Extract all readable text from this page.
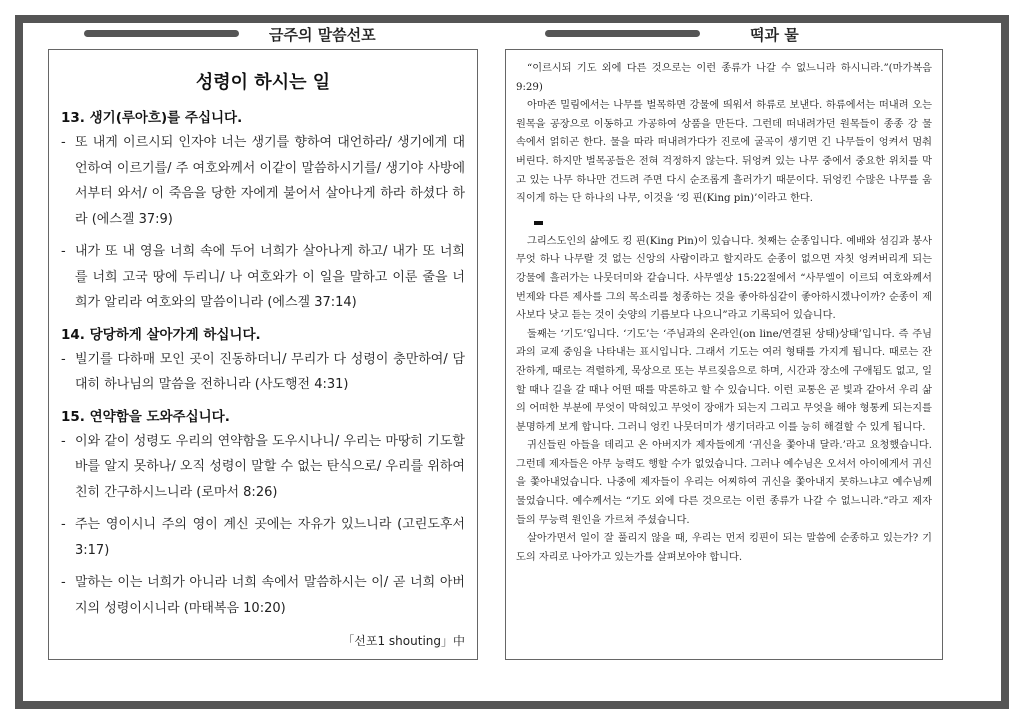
금주의 말씀선포	떡과 물
성령이 하시는 일
13. 생기(루아흐)를 주십니다.

- 또 내게 이르시되 인자야 너는 생기를 향하여 대언하라/ 생기에게 대언하여 이르기를/ 주 여호와께서 이같이 말씀하시기를/ 생기야 사방에서부터 와서/ 이 죽음을 당한 자에게 불어서 살아나게 하라 하셨다 하라 (에스겔 37:9)

- 내가 또 내 영을 너희 속에 두어 너희가 살아나게 하고/ 내가 또 너희를 너희 고국 땅에 두리니/ 나 여호와가 이 일을 말하고 이룬 줄을 너희가 알리라 여호와의 말씀이니라 (에스겔 37:14)

14. 당당하게 살아가게 하십니다.

- 빌기를 다하매 모인 곳이 진동하더니/ 무리가 다 성령이 충만하여/ 담대히 하나님의 말씀을 전하니라 (사도행전 4:31)

15. 연약함을 도와주십니다.

- 이와 같이 성령도 우리의 연약함을 도우시나니/ 우리는 마땅히 기도할 바를 알지 못하나/ 오직 성령이 말할 수 없는 탄식으로/ 우리를 위하여 친히 간구하시느니라 (로마서 8:26)

- 주는 영이시니 주의 영이 계신 곳에는 자유가 있느니라 (고린도후서 3:17)

- 말하는 이는 너희가 아니라 너희 속에서 말씀하시는 이/ 곧 너희 아버지의 성령이시니라 (마태복음 10:20)

「선포1 shouting」中

“이르시되 기도 외에 다른 것으로는 이런 종류가 나갈 수 없느니라 하시니라.”(마가복음9:29)

아마존 밀림에서는 나무를 벌목하면 강물에 띄워서 하류로 보낸다. 하류에서는 떠내려 오는 원목을 공장으로 이동하고 가공하여 상품을 만든다. 그런데 떠내려가던 원목들이 종종 강 물 속에서 얽히곤 한다. 물을 따라 떠내려가다가 진로에 굴곡이 생기면 긴 나무들이 엉켜서 멈춰버린다. 하지만 벌목공들은 전혀 걱정하지 않는다. 뒤엉켜 있는 나무 중에서 중요한 위치를 막고 있는 나무 하나만 건드려 주면 다시 순조롭게 흘러가기 때문이다. 뒤엉킨 수많은 나무를 움직이게 하는 단 하나의 나무, 이것을 ‘킹 핀(King pin)’이라고 한다.

그리스도인의 삶에도 킹 핀(King Pin)이 있습니다. 첫째는 순종입니다. 예배와 섬김과 봉사 무엇 하나 나무랄 것 없는 신앙의 사람이라고 할지라도 순종이 없으면 자칫 엉켜버리게 되는 강물에 흘러가는 나뭇더미와 같습니다. 사무엘상 15:22절에서 “사무엘이 이르되 여호와께서 번제와 다른 제사를 그의 목소리를 청종하는 것을 좋아하심같이 좋아하시겠나이까? 순종이 제사보다 낫고 듣는 것이 숫양의 기름보다 나으니”라고 기록되어 있습니다.

둘째는 ‘기도’입니다. ‘기도’는 ‘주님과의 온라인(on line/연결된 상태)상태’입니다. 즉 주님과의 교제 중임을 나타내는 표시입니다. 그래서 기도는 여러 형태를 가지게 됩니다. 때로는 잔잔하게, 때로는 격렬하게, 묵상으로 또는 부르짖음으로 하며, 시간과 장소에 구애됨도 없고, 일할 때나 길을 갈 때나 어떤 때를 막론하고 할 수 있습니다. 이런 교통은 곧 빛과 같아서 우리 삶의 어떠한 부분에 무엇이 막혀있고 무엇이 장애가 되는지 그리고 무엇을 해야 형통케 되는지를 분명하게 보게 합니다. 그러니 엉킨 나뭇더미가 생기더라고 이를 능히 해결할 수 있게 됩니다.

귀신들린 아들을 데리고 온 아버지가 제자들에게 ‘귀신을 쫓아내 달라.’라고 요청했습니다. 그런데 제자들은 아무 능력도 행할 수가 없었습니다. 그러나 예수님은 오셔서 아이에게서 귀신을 쫓아내었습니다. 나중에 제자들이 우리는 어찌하여 귀신을 쫓아내지 못하느냐고 예수님께 물었습니다. 예수께서는 “기도 외에 다른 것으로는 이런 종류가 나갈 수 없느니라.”라고 제자들의 무능력 원인을 가르쳐 주셨습니다.

살아가면서 일이 잘 풀리지 않을 때, 우리는 먼저 킹핀이 되는 말씀에 순종하고 있는가? 기도의 자리로 나아가고 있는가를 살펴보아야 합니다.
